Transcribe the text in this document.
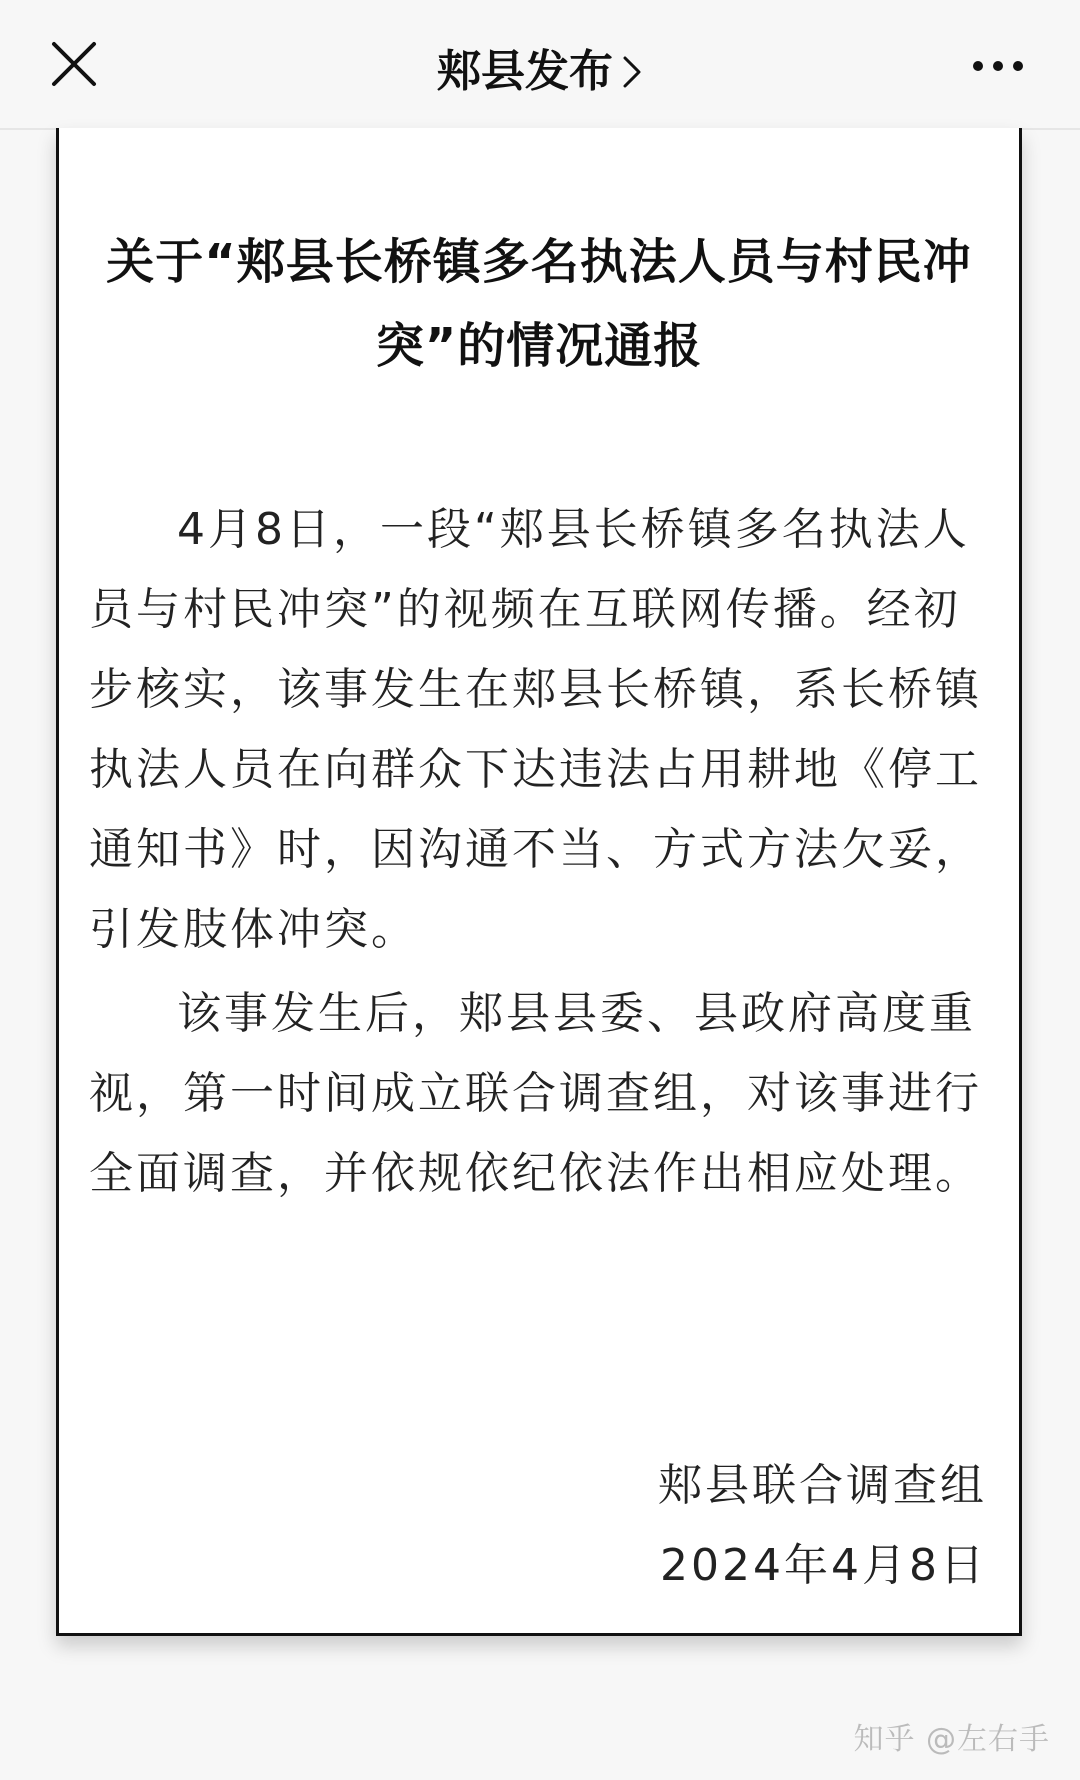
郏县发布
关于“郏县长桥镇多名执法人员与村民冲突”的情况通报

4月8日，一段“郏县长桥镇多名执法人员与村民冲突”的视频在互联网传播。经初步核实，该事发生在郏县长桥镇，系长桥镇执法人员在向群众下达违法占用耕地《停工通知书》时，因沟通不当、方式方法欠妥，引发肢体冲突。

该事发生后，郏县县委、县政府高度重视，第一时间成立联合调查组，对该事进行全面调查，并依规依纪依法作出相应处理。

郏县联合调查组
2024年4月8日
知乎 @左右手
